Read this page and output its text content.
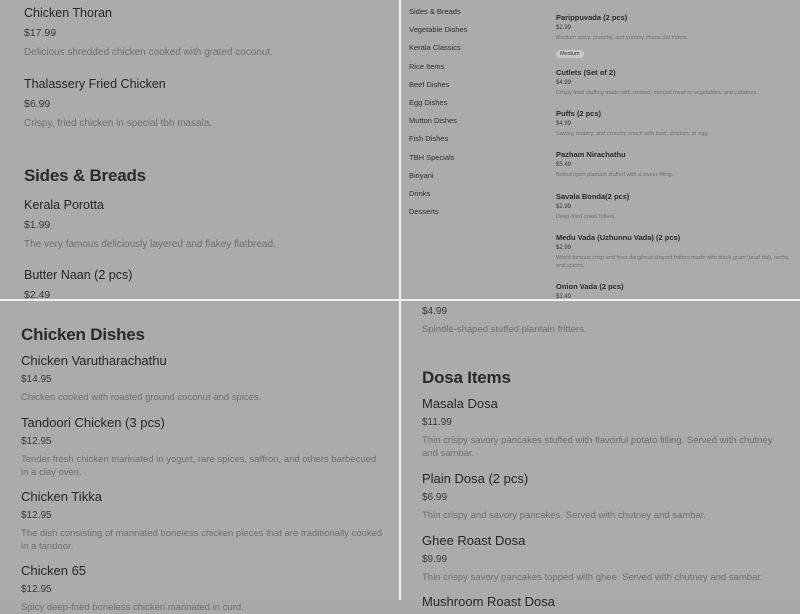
Chicken Thoran
$17.99
Delicious shredded chicken cooked with grated coconut.
Thalassery Fried Chicken
$6.99
Crispy, fried chicken in special tbh masala.
Sides & Breads
Kerala Porotta
$1.99
The very famous deliciously layered and flakey flatbread.
Butter Naan (2 pcs)
$2.49
Sides & Breads
Vegetable Dishes
Kerala Classics
Rice Items
Beef Dishes
Egg Dishes
Mutton Dishes
Fish Dishes
TBH Specials
Biriyani
Drinks
Desserts
Parippuvada (2 pcs)
$2.99
Medium spicy, crunchy, and yummy chana dal fritters.
Medium
Cutlets (Set of 2)
$4.99
Crispy fried stuffing made with cooked, minced meat or vegetables, and potatoes.
Puffs (2 pcs)
$4.99
Savory, buttery, and crunchy snack with beef, chicken, or egg.
Pazham Nirachathu
$5.49
Boiled ripen plantain stuffed with a sweet filling.
Savala Bonda(2 pcs)
$2.99
Deep-fried onion fritters.
Medu Vada (Uzhunnu Vada) (2 pcs)
$2.99
World-famous crisp and fried doughnut-shaped fritters made with black gram (urad dal), herbs, and spices.
Onion Vada (2 pcs)
$3.49
Chicken Dishes
Chicken Varutharachathu
$14.95
Chicken cooked with roasted ground coconut and spices.
Tandoori Chicken (3 pcs)
$12.95
Tender fresh chicken marinated in yogurt, rare spices, saffron, and others barbecued in a clay oven.
Chicken Tikka
$12.95
The dish consisting of marinated boneless chicken pieces that are traditionally cooked in a tandoor.
Chicken 65
$12.95
Spicy deep-fried boneless chicken marinated in curd.
$4.99
Spindle-shaped stuffed plantain fritters.
Dosa Items
Masala Dosa
$11.99
Thin crispy savory pancakes stuffed with flavorful potato filling. Served with chutney and sambar.
Plain Dosa (2 pcs)
$6.99
Thin crispy and savory pancakes. Served with chutney and sambar.
Ghee Roast Dosa
$9.99
Thin crispy savory pancakes topped with ghee. Served with chutney and sambar.
Mushroom Roast Dosa
